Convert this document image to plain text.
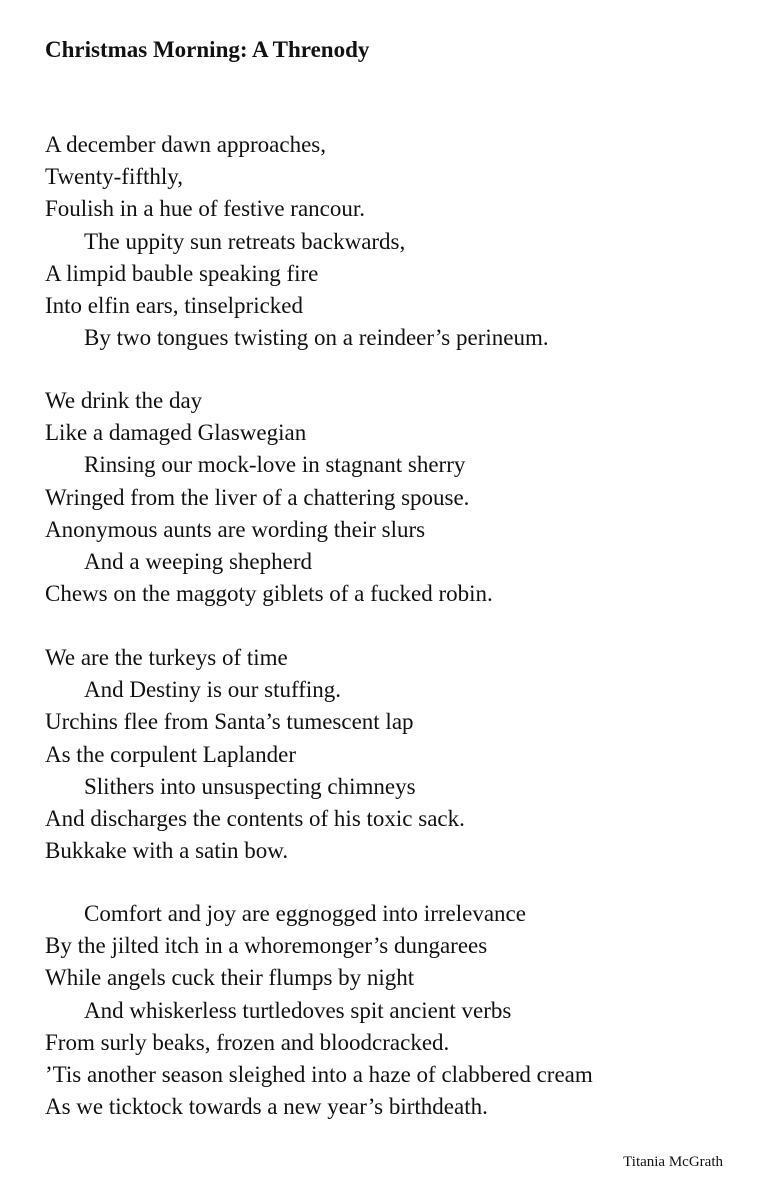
Christmas Morning: A Threnody
A december dawn approaches,
Twenty-fifthly,
Foulish in a hue of festive rancour.
The uppity sun retreats backwards,
A limpid bauble speaking fire
Into elfin ears, tinselpricked
By two tongues twisting on a reindeer’s perineum.
We drink the day
Like a damaged Glaswegian
Rinsing our mock-love in stagnant sherry
Wringed from the liver of a chattering spouse.
Anonymous aunts are wording their slurs
And a weeping shepherd
Chews on the maggoty giblets of a fucked robin.
We are the turkeys of time
And Destiny is our stuffing.
Urchins flee from Santa’s tumescent lap
As the corpulent Laplander
Slithers into unsuspecting chimneys
And discharges the contents of his toxic sack.
Bukkake with a satin bow.
Comfort and joy are eggnogged into irrelevance
By the jilted itch in a whoremonger’s dungarees
While angels cuck their flumps by night
And whiskerless turtledoves spit ancient verbs
From surly beaks, frozen and bloodcracked.
’Tis another season sleighed into a haze of clabbered cream
As we ticktock towards a new year’s birthdeath.
Titania McGrath
